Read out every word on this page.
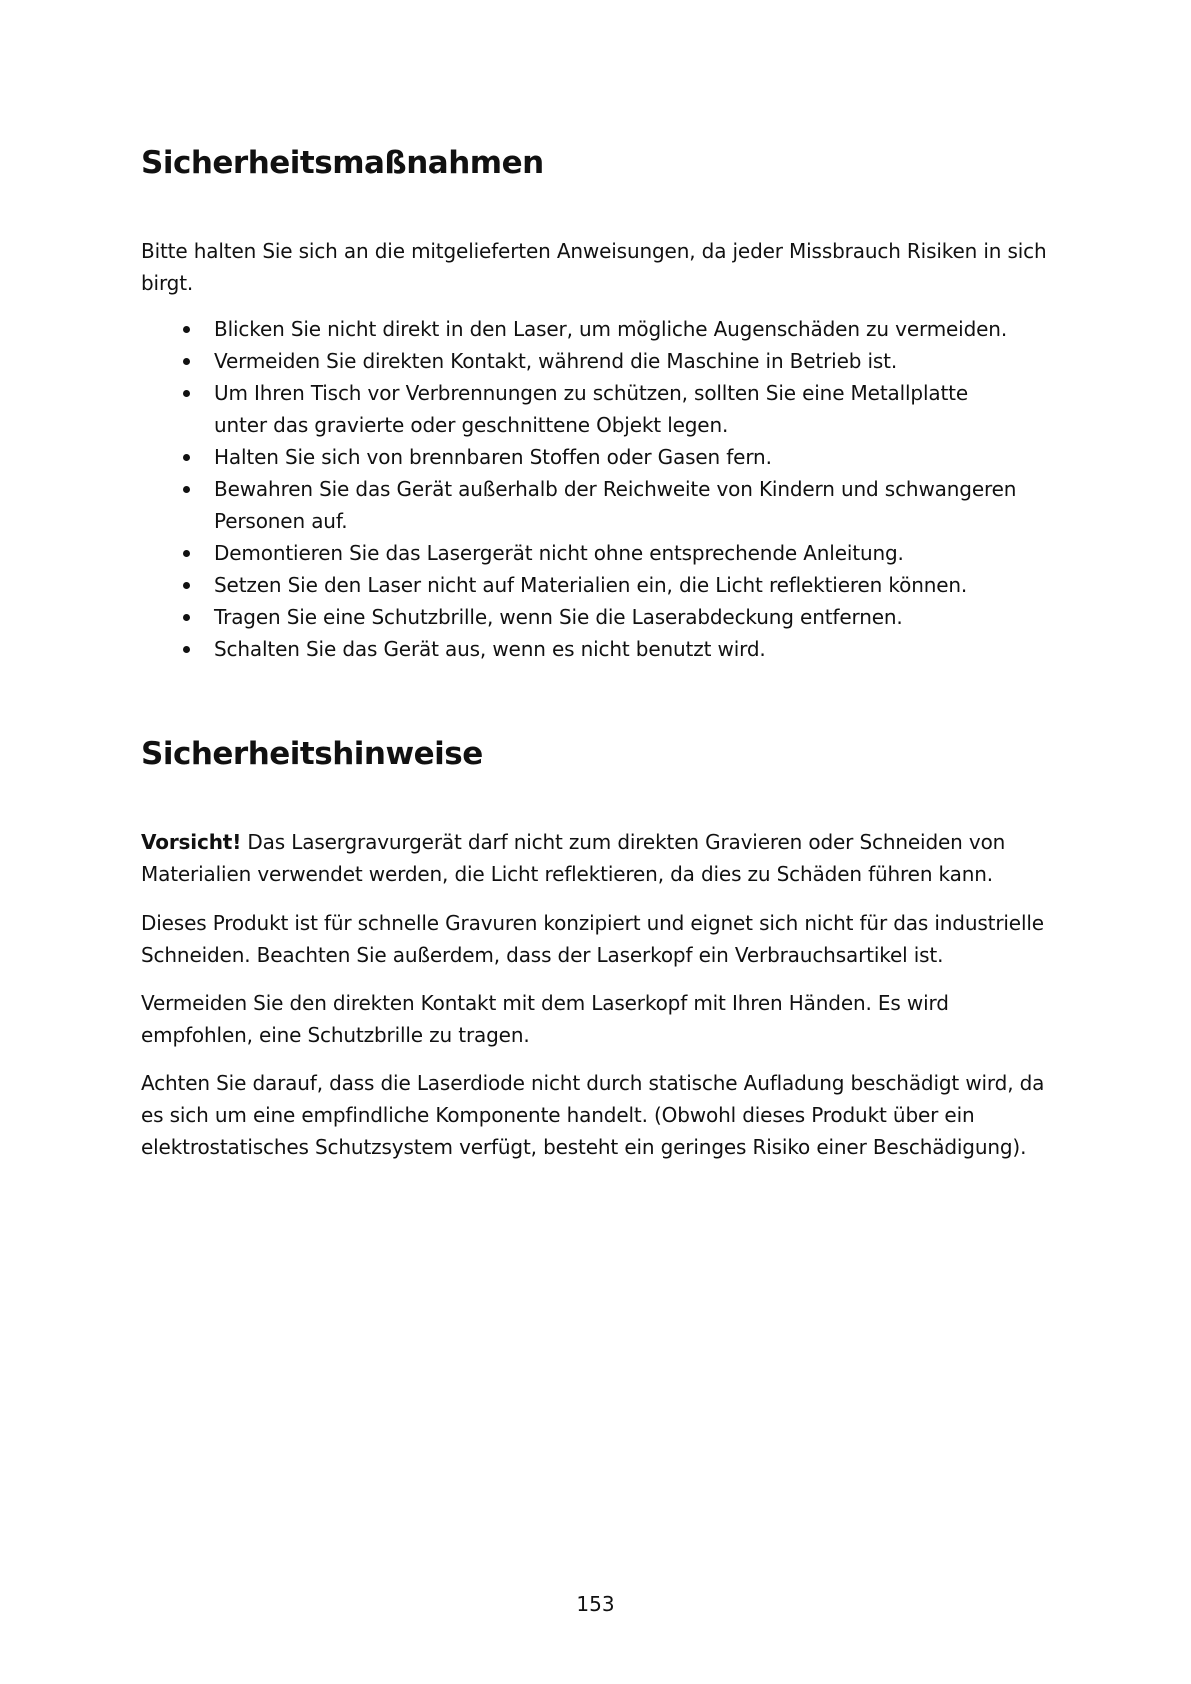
Sicherheitsmaßnahmen

Bitte halten Sie sich an die mitgelieferten Anweisungen, da jeder Missbrauch Risiken in sich birgt.

Blicken Sie nicht direkt in den Laser, um mögliche Augenschäden zu vermeiden.
Vermeiden Sie direkten Kontakt, während die Maschine in Betrieb ist.
Um Ihren Tisch vor Verbrennungen zu schützen, sollten Sie eine Metallplatte unter das gravierte oder geschnittene Objekt legen.
Halten Sie sich von brennbaren Stoffen oder Gasen fern.
Bewahren Sie das Gerät außerhalb der Reichweite von Kindern und schwangeren Personen auf.
Demontieren Sie das Lasergerät nicht ohne entsprechende Anleitung.
Setzen Sie den Laser nicht auf Materialien ein, die Licht reflektieren können.
Tragen Sie eine Schutzbrille, wenn Sie die Laserabdeckung entfernen.
Schalten Sie das Gerät aus, wenn es nicht benutzt wird.
Sicherheitshinweise

Vorsicht! Das Lasergravurgerät darf nicht zum direkten Gravieren oder Schneiden von Materialien verwendet werden, die Licht reflektieren, da dies zu Schäden führen kann.

Dieses Produkt ist für schnelle Gravuren konzipiert und eignet sich nicht für das industrielle Schneiden. Beachten Sie außerdem, dass der Laserkopf ein Verbrauchsartikel ist.

Vermeiden Sie den direkten Kontakt mit dem Laserkopf mit Ihren Händen. Es wird empfohlen, eine Schutzbrille zu tragen.

Achten Sie darauf, dass die Laserdiode nicht durch statische Aufladung beschädigt wird, da es sich um eine empfindliche Komponente handelt. (Obwohl dieses Produkt über ein elektrostatisches Schutzsystem verfügt, besteht ein geringes Risiko einer Beschädigung).

153
